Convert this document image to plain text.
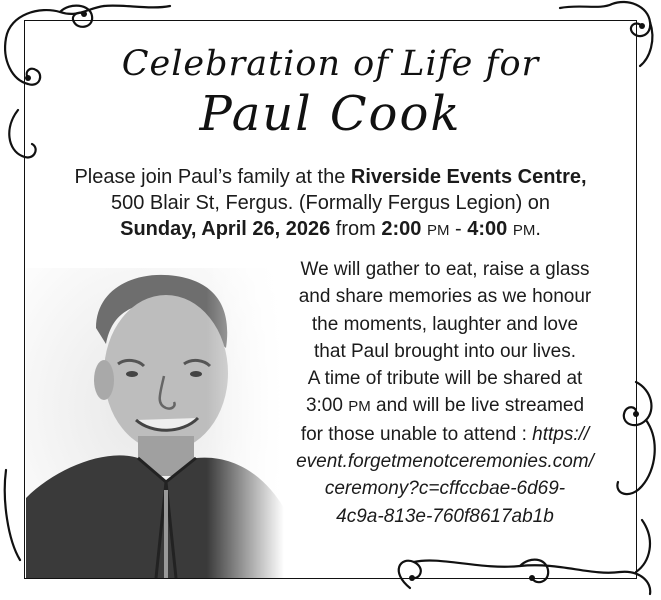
Celebration of Life for
Paul Cook
Please join Paul’s family at the Riverside Events Centre,
500 Blair St, Fergus. (Formally Fergus Legion) on
Sunday, April 26, 2026 from 2:00 PM - 4:00 PM.
We will gather to eat, raise a glass
and share memories as we honour
the moments, laughter and love
that Paul brought into our lives.
A time of tribute will be shared at
3:00 PM and will be live streamed
for those unable to attend : https://
event.forgetmenotceremonies.com/
ceremony?c=cffccbae-6d69-
4c9a-813e-760f8617ab1b
